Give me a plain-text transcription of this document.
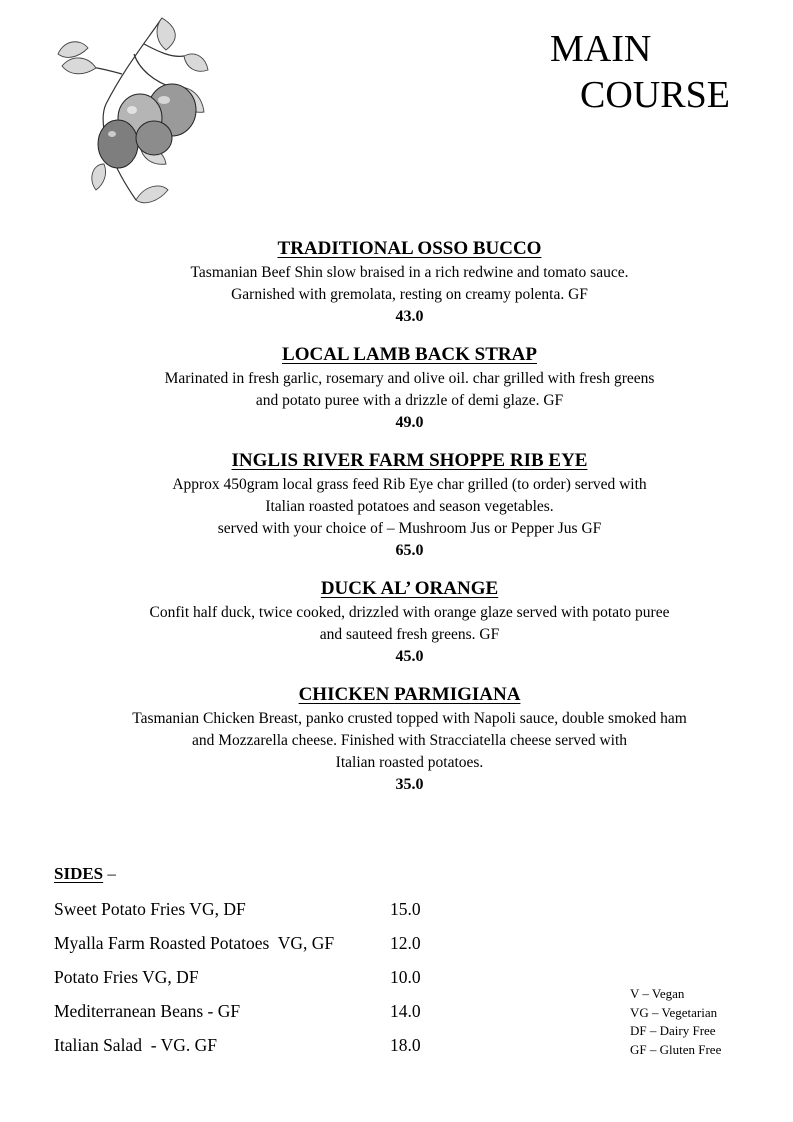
MAIN
COURSE
TRADITIONAL OSSO BUCCO
Tasmanian Beef Shin slow braised in a rich redwine and tomato sauce.
Garnished with gremolata, resting on creamy polenta. GF
43.0
LOCAL LAMB BACK STRAP
Marinated in fresh garlic, rosemary and olive oil. char grilled with fresh greens
and potato puree with a drizzle of demi glaze. GF
49.0
INGLIS RIVER FARM SHOPPE RIB EYE
Approx 450gram local grass feed Rib Eye char grilled (to order) served with
Italian roasted potatoes and season vegetables.
served with your choice of – Mushroom Jus or Pepper Jus GF
65.0
DUCK AL’ ORANGE
Confit half duck, twice cooked, drizzled with orange glaze served with potato puree
and sauteed fresh greens. GF
45.0
CHICKEN PARMIGIANA
Tasmanian Chicken Breast, panko crusted topped with Napoli sauce, double smoked ham
and Mozzarella cheese. Finished with Stracciatella cheese served with
Italian roasted potatoes.
35.0
SIDES –
Sweet Potato Fries VG, DF	15.0
Myalla Farm Roasted Potatoes  VG, GF	12.0
Potato Fries VG, DF	10.0
Mediterranean Beans - GF	14.0
Italian Salad  - VG. GF	18.0
V – Vegan
VG – Vegetarian
DF – Dairy Free
GF – Gluten Free
